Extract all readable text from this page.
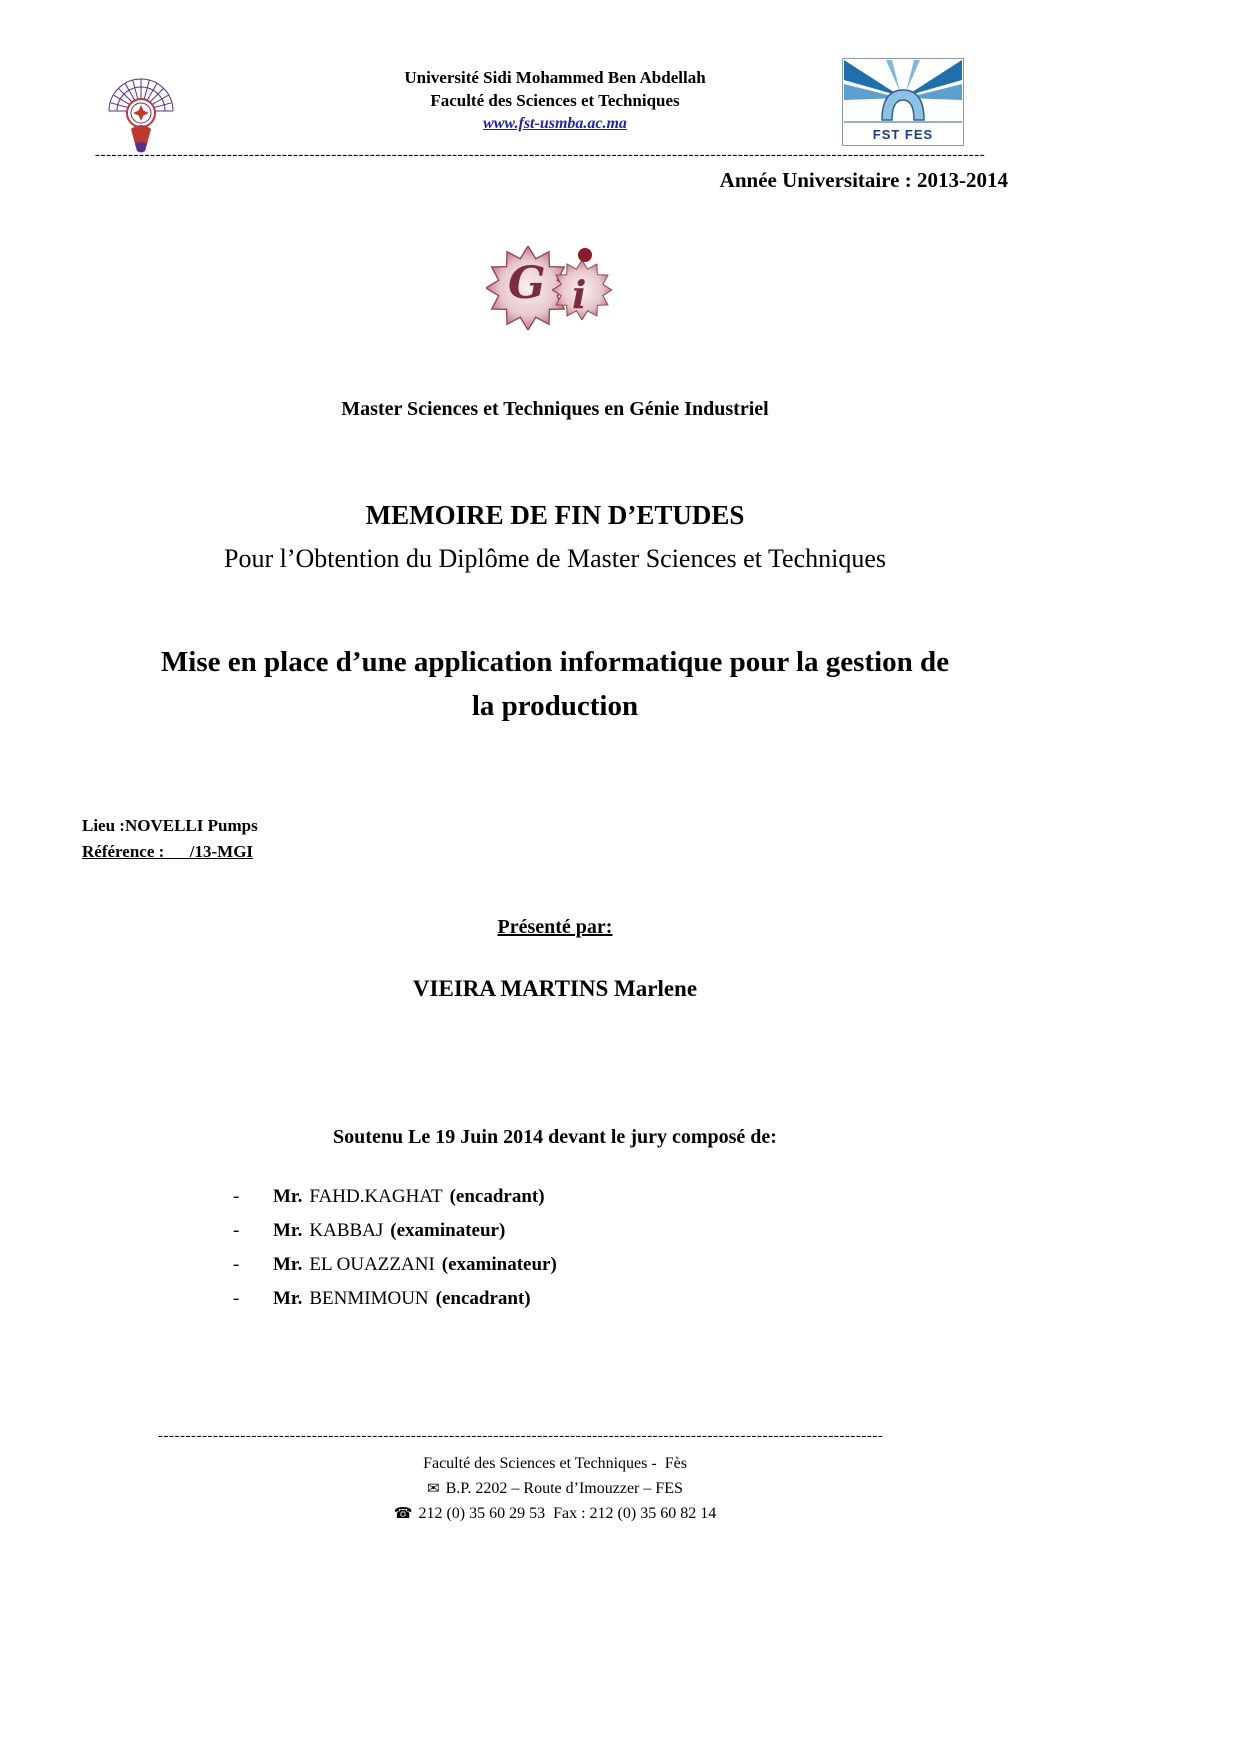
Université Sidi Mohammed Ben Abdellah
Faculté des Sciences et Techniques
www.fst-usmba.ac.ma
FST FES
------------------------------------------------------------------------------------------------------------------------------------------------------------------
Année Universitaire : 2013-2014
G i
Master Sciences et Techniques en Génie Industriel
MEMOIRE DE FIN D’ETUDES
Pour l’Obtention du Diplôme de Master Sciences et Techniques
Mise en place d’une application informatique pour la gestion de la production
Lieu :NOVELLI Pumps
Référence :      /13-MGI
Présenté par:
VIEIRA MARTINS Marlene
Soutenu Le 19 Juin 2014 devant le jury composé de:
-	Mr. FAHD.KAGHAT (encadrant)
-	Mr. KABBAJ (examinateur)
-	Mr. EL OUAZZANI (examinateur)
-	Mr. BENMIMOUN (encadrant)
------------------------------------------------------------------------------------------------------------------------------------
Faculté des Sciences et Techniques -  Fès
✉ B.P. 2202 – Route d’Imouzzer – FES
☎ 212 (0) 35 60 29 53  Fax : 212 (0) 35 60 82 14
